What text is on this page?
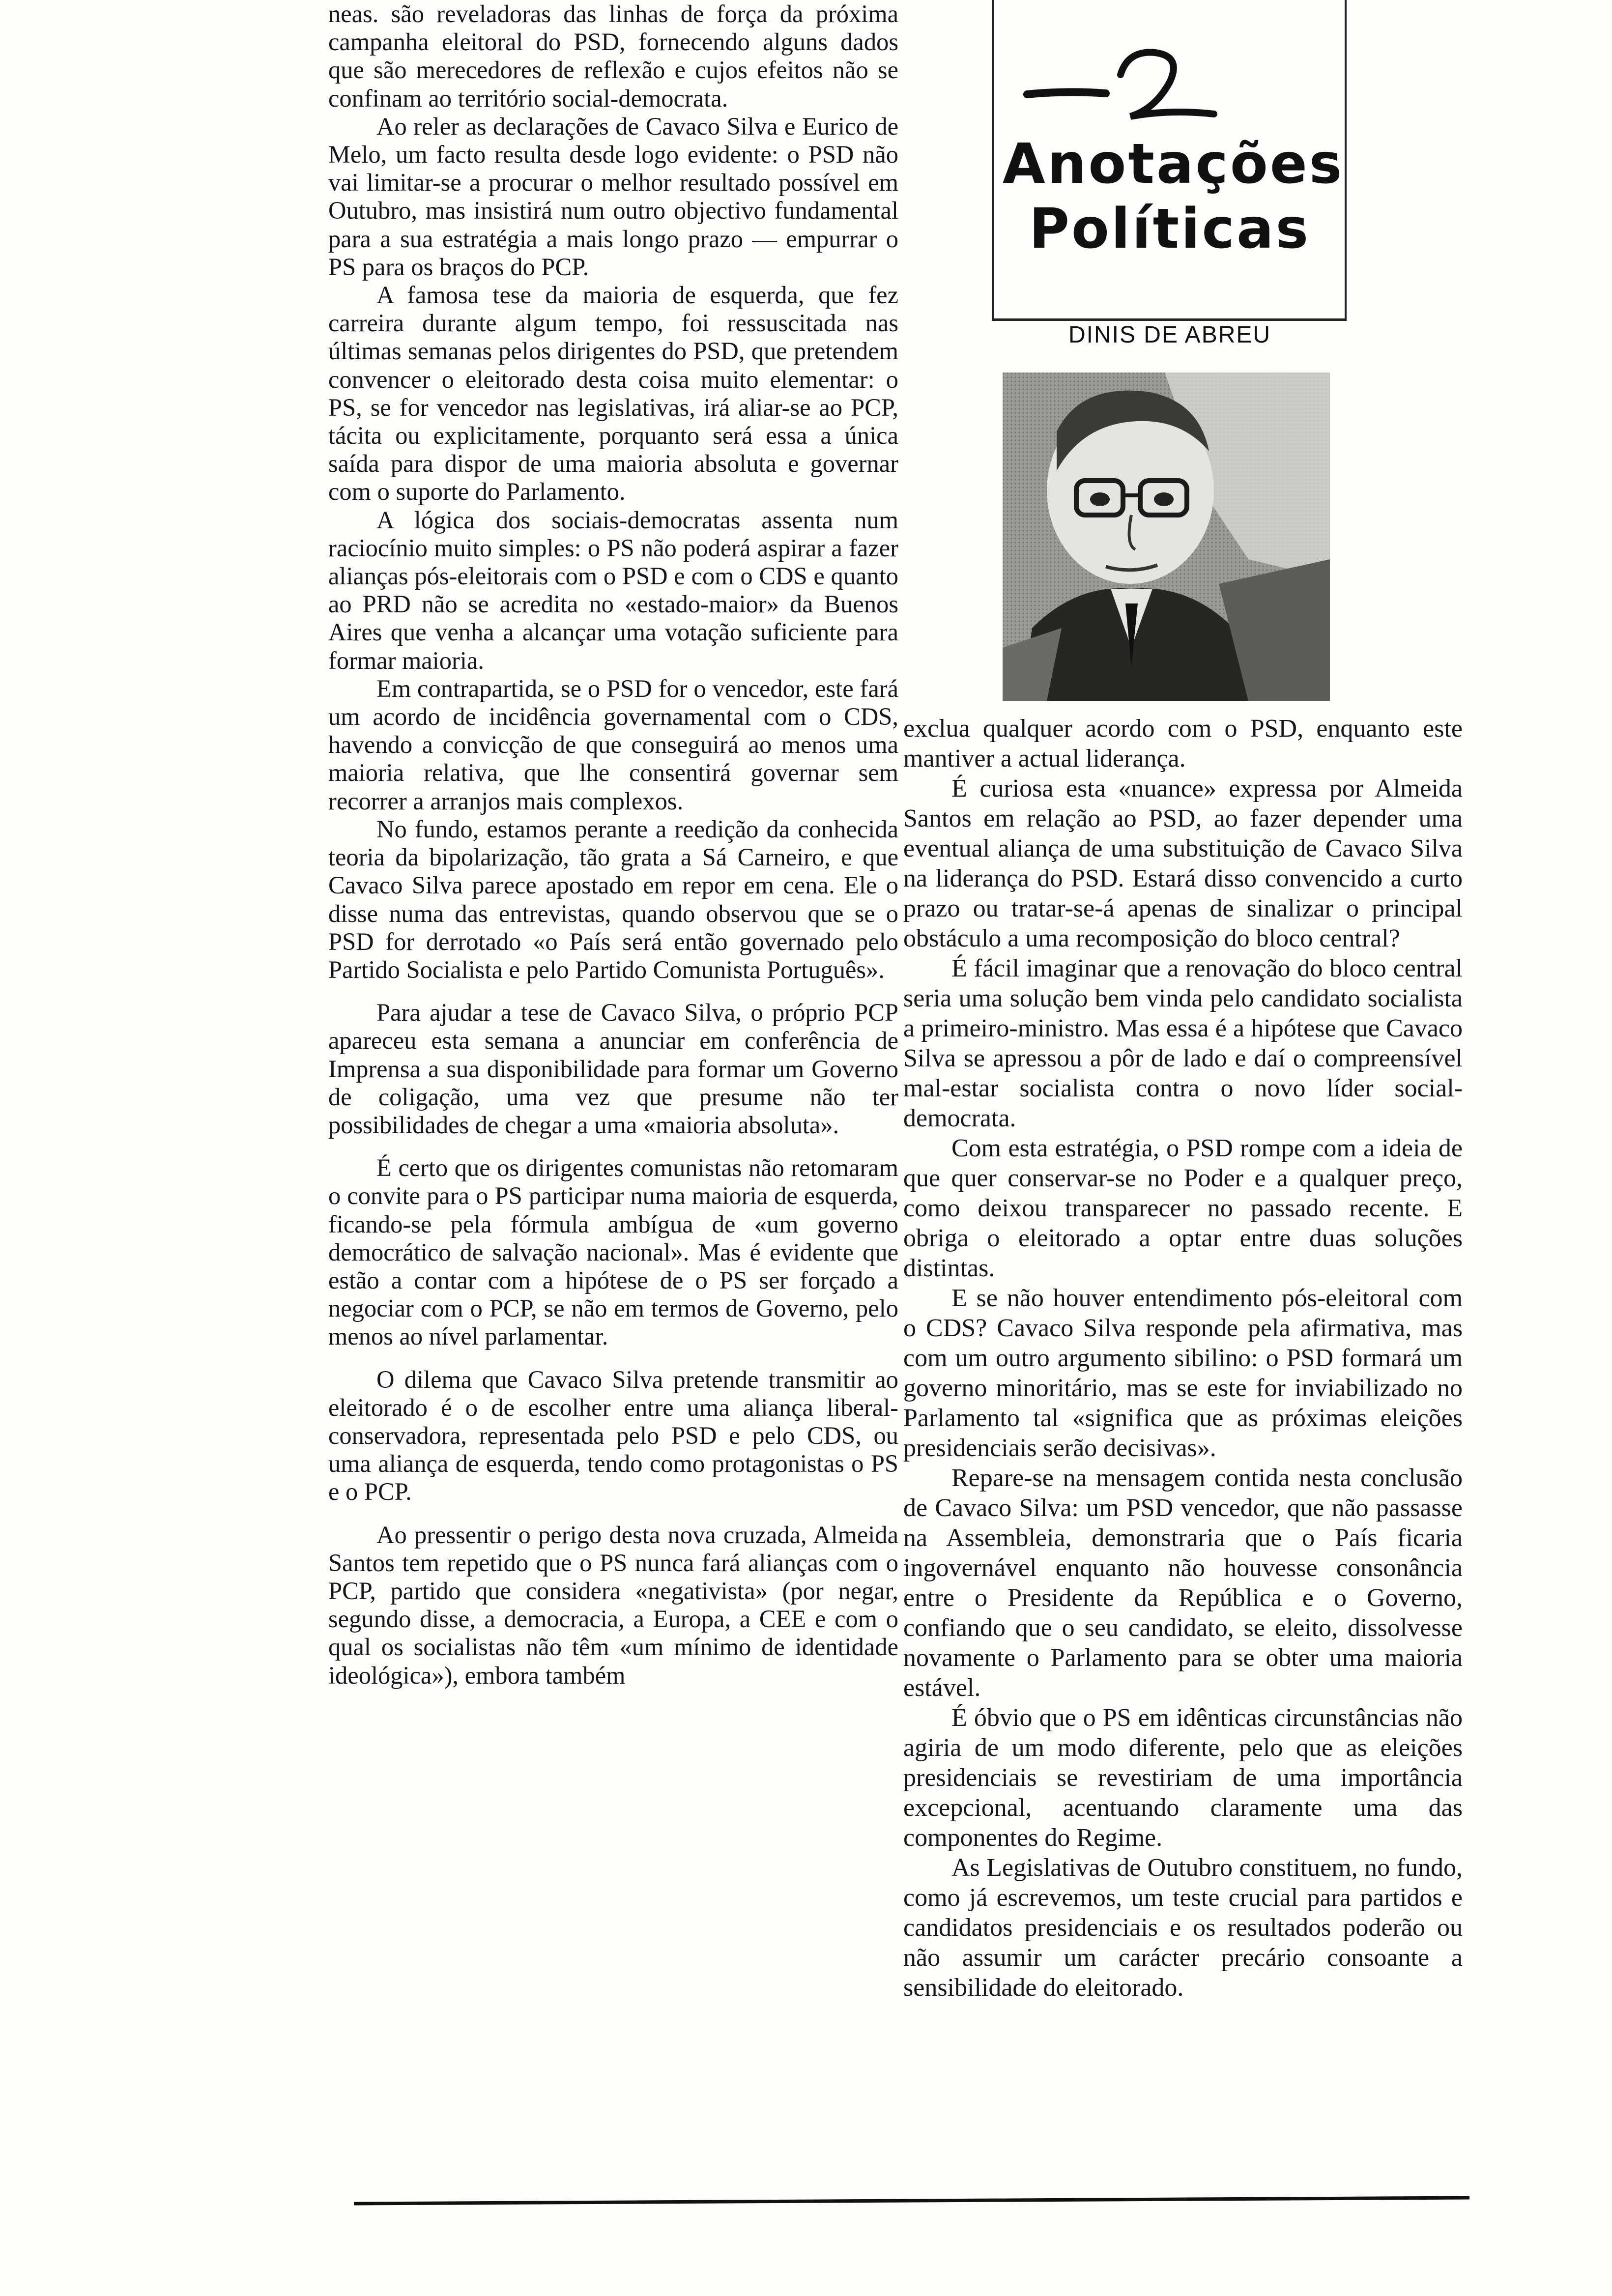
Anotações
Políticas
DINIS DE ABREU

neas. são reveladoras das linhas de força da próxima campanha eleitoral do PSD, fornecendo alguns dados que são merecedores de reflexão e cujos efeitos não se confinam ao território social-democrata.

Ao reler as declarações de Cavaco Silva e Eurico de Melo, um facto resulta desde logo evidente: o PSD não vai limitar-se a procurar o melhor resultado possível em Outubro, mas insistirá num outro objectivo fundamental para a sua estratégia a mais longo prazo — empurrar o PS para os braços do PCP.

A famosa tese da maioria de esquerda, que fez carreira durante algum tempo, foi ressuscitada nas últimas semanas pelos dirigentes do PSD, que pretendem convencer o eleitorado desta coisa muito elementar: o PS, se for vencedor nas legislativas, irá aliar-se ao PCP, tácita ou explicitamente, porquanto será essa a única saída para dispor de uma maioria absoluta e governar com o suporte do Parlamento.

A lógica dos sociais-democratas assenta num raciocínio muito simples: o PS não poderá aspirar a fazer alianças pós-eleitorais com o PSD e com o CDS e quanto ao PRD não se acredita no «estado-maior» da Buenos Aires que venha a alcançar uma votação suficiente para formar maioria.

Em contrapartida, se o PSD for o vencedor, este fará um acordo de incidência governamental com o CDS, havendo a convicção de que conseguirá ao menos uma maioria relativa, que lhe consentirá governar sem recorrer a arranjos mais complexos.

No fundo, estamos perante a reedição da conhecida teoria da bipolarização, tão grata a Sá Carneiro, e que Cavaco Silva parece apostado em repor em cena. Ele o disse numa das entrevistas, quando observou que se o PSD for derrotado «o País será então governado pelo Partido Socialista e pelo Partido Comunista Português».

Para ajudar a tese de Cavaco Silva, o próprio PCP apareceu esta semana a anunciar em conferência de Imprensa a sua disponibilidade para formar um Governo de coligação, uma vez que presume não ter possibilidades de chegar a uma «maioria absoluta».

É certo que os dirigentes comunistas não retomaram o convite para o PS participar numa maioria de esquerda, ficando-se pela fórmula ambígua de «um governo democrático de salvação nacional». Mas é evidente que estão a contar com a hipótese de o PS ser forçado a negociar com o PCP, se não em termos de Governo, pelo menos ao nível parlamentar.

O dilema que Cavaco Silva pretende transmitir ao eleitorado é o de escolher entre uma aliança liberal-conservadora, representada pelo PSD e pelo CDS, ou uma aliança de esquerda, tendo como protagonistas o PS e o PCP.

Ao pressentir o perigo desta nova cruzada, Almeida Santos tem repetido que o PS nunca fará alianças com o PCP, partido que considera «negativista» (por negar, segundo disse, a democracia, a Europa, a CEE e com o qual os socialistas não têm «um mínimo de identidade ideológica»), embora também

exclua qualquer acordo com o PSD, enquanto este mantiver a actual liderança.

É curiosa esta «nuance» expressa por Almeida Santos em relação ao PSD, ao fazer depender uma eventual aliança de uma substituição de Cavaco Silva na liderança do PSD. Estará disso convencido a curto prazo ou tratar-se-á apenas de sinalizar o principal obstáculo a uma recomposição do bloco central?

É fácil imaginar que a renovação do bloco central seria uma solução bem vinda pelo candidato socialista a primeiro-ministro. Mas essa é a hipótese que Cavaco Silva se apressou a pôr de lado e daí o compreensível mal-estar socialista contra o novo líder social-democrata.

Com esta estratégia, o PSD rompe com a ideia de que quer conservar-se no Poder e a qualquer preço, como deixou transparecer no passado recente. E obriga o eleitorado a optar entre duas soluções distintas.

E se não houver entendimento pós-eleitoral com o CDS? Cavaco Silva responde pela afirmativa, mas com um outro argumento sibilino: o PSD formará um governo minoritário, mas se este for inviabilizado no Parlamento tal «significa que as próximas eleições presidenciais serão decisivas».

Repare-se na mensagem contida nesta conclusão de Cavaco Silva: um PSD vencedor, que não passasse na Assembleia, demonstraria que o País ficaria ingovernável enquanto não houvesse consonância entre o Presidente da República e o Governo, confiando que o seu candidato, se eleito, dissolvesse novamente o Parlamento para se obter uma maioria estável.

É óbvio que o PS em idênticas circunstâncias não agiria de um modo diferente, pelo que as eleições presidenciais se revestiriam de uma importância excepcional, acentuando claramente uma das componentes do Regime.

As Legislativas de Outubro constituem, no fundo, como já escrevemos, um teste crucial para partidos e candidatos presidenciais e os resultados poderão ou não assumir um carácter precário consoante a sensibilidade do eleitorado.
